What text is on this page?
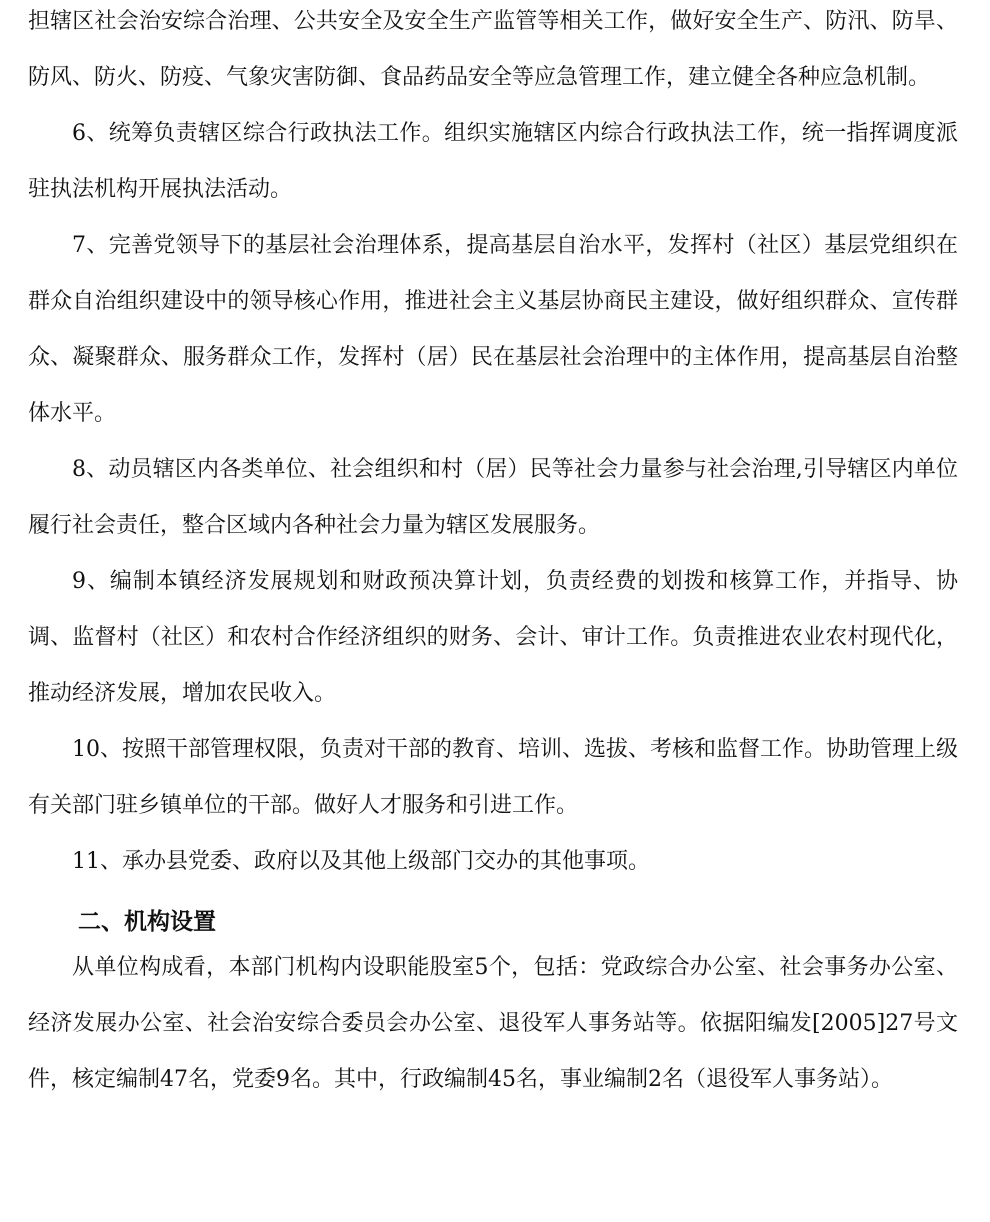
担辖区社会治安综合治理、公共安全及安全生产监管等相关工作，做好安全生产、防汛、防旱、防风、防火、防疫、气象灾害防御、食品药品安全等应急管理工作，建立健全各种应急机制。

6、统筹负责辖区综合行政执法工作。组织实施辖区内综合行政执法工作，统一指挥调度派驻执法机构开展执法活动。

7、完善党领导下的基层社会治理体系，提高基层自治水平，发挥村（社区）基层党组织在群众自治组织建设中的领导核心作用，推进社会主义基层协商民主建设，做好组织群众、宣传群众、凝聚群众、服务群众工作，发挥村（居）民在基层社会治理中的主体作用，提高基层自治整体水平。

8、动员辖区内各类单位、社会组织和村（居）民等社会力量参与社会治理,引导辖区内单位履行社会责任，整合区域内各种社会力量为辖区发展服务。

9、编制本镇经济发展规划和财政预决算计划，负责经费的划拨和核算工作，并指导、协调、监督村（社区）和农村合作经济组织的财务、会计、审计工作。负责推进农业农村现代化，推动经济发展，增加农民收入。

10、按照干部管理权限，负责对干部的教育、培训、选拔、考核和监督工作。协助管理上级有关部门驻乡镇单位的干部。做好人才服务和引进工作。

11、承办县党委、政府以及其他上级部门交办的其他事项。

二、机构设置

从单位构成看，本部门机构内设职能股室5个，包括：党政综合办公室、社会事务办公室、经济发展办公室、社会治安综合委员会办公室、退役军人事务站等。依据阳编发[2005]27号文件，核定编制47名，党委9名。其中，行政编制45名，事业编制2名（退役军人事务站）。
